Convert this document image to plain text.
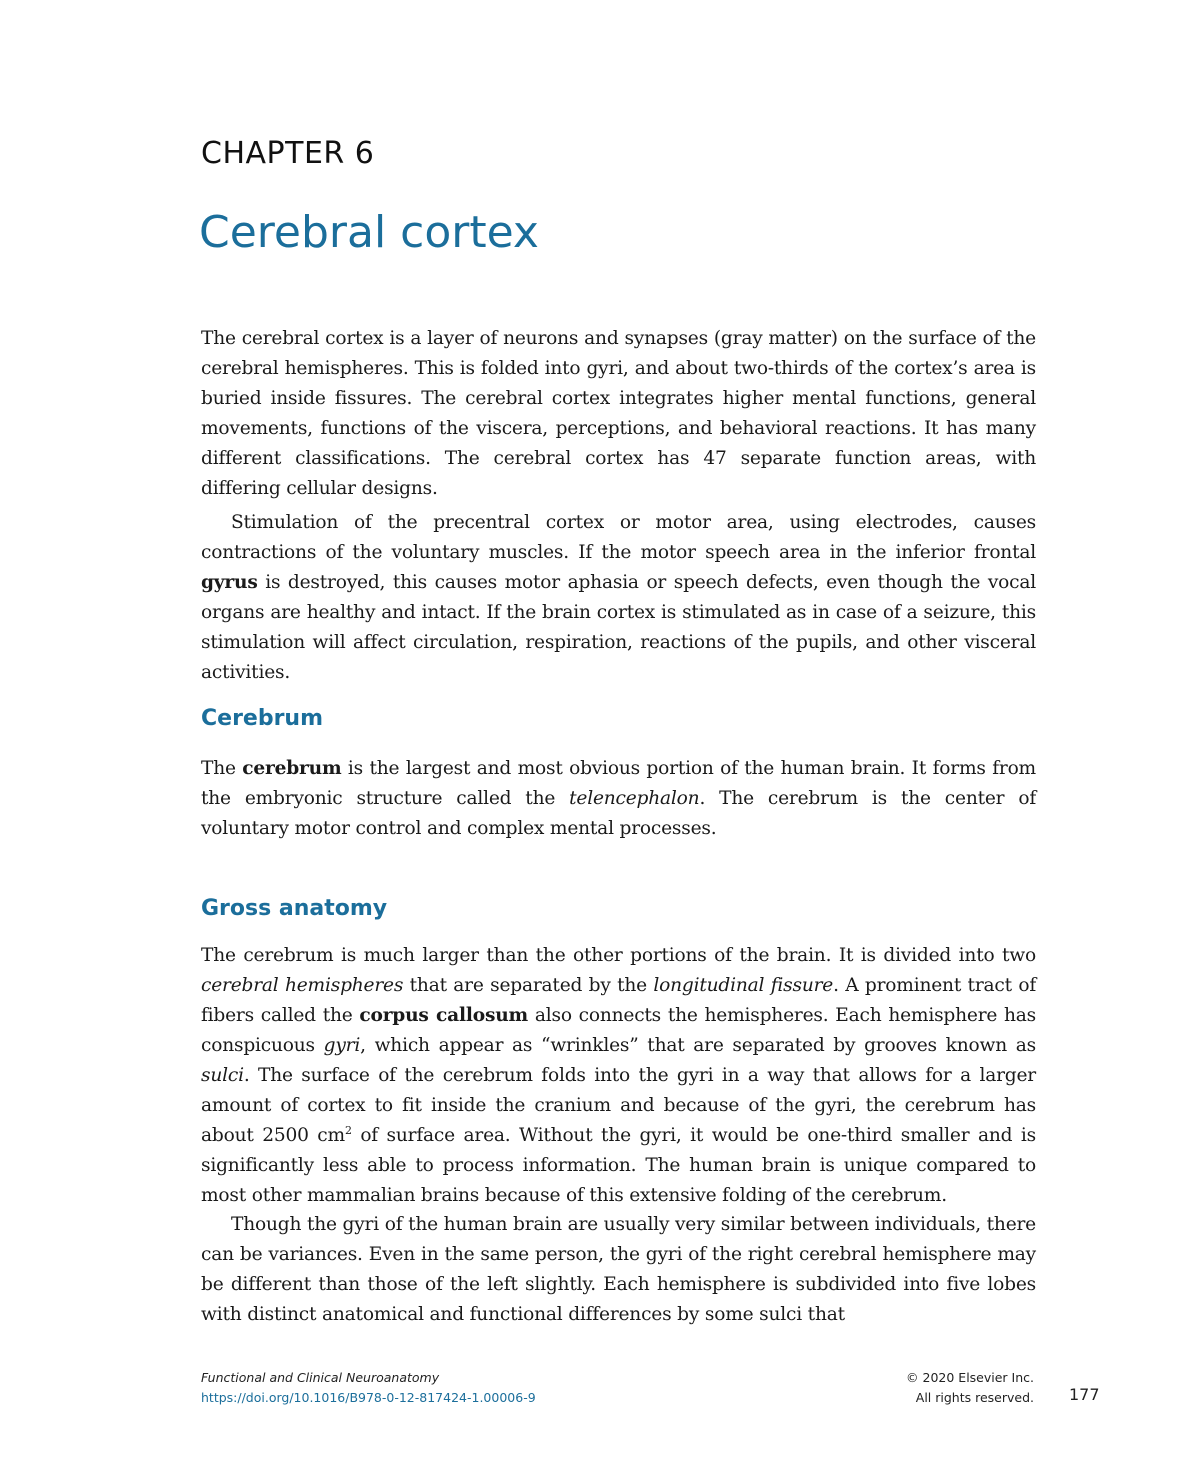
CHAPTER 6
Cerebral cortex

The cerebral cortex is a layer of neurons and synapses (gray matter) on the surface of the cerebral hemispheres. This is folded into gyri, and about two-thirds of the cortex’s area is buried inside fissures. The cerebral cortex integrates higher mental functions, general movements, functions of the viscera, perceptions, and behavioral reactions. It has many different classifications. The cerebral cortex has 47 separate function areas, with differing cellular designs.

Stimulation of the precentral cortex or motor area, using electrodes, causes contractions of the voluntary muscles. If the motor speech area in the inferior frontal gyrus is destroyed, this causes motor aphasia or speech defects, even though the vocal organs are healthy and intact. If the brain cortex is stimulated as in case of a seizure, this stimulation will affect circulation, respiration, reactions of the pupils, and other visceral activities.

Cerebrum

The cerebrum is the largest and most obvious portion of the human brain. It forms from the embryonic structure called the telencephalon. The cerebrum is the center of voluntary motor control and complex mental processes.

Gross anatomy

The cerebrum is much larger than the other portions of the brain. It is divided into two cerebral hemispheres that are separated by the longitudinal fissure. A prominent tract of fibers called the corpus callosum also connects the hemispheres. Each hemisphere has conspicuous gyri, which appear as “wrinkles” that are separated by grooves known as sulci. The surface of the cerebrum folds into the gyri in a way that allows for a larger amount of cortex to fit inside the cranium and because of the gyri, the cerebrum has about 2500 $cm^2$ of surface area. Without the gyri, it would be one-third smaller and is significantly less able to process information. The human brain is unique compared to most other mammalian brains because of this extensive folding of the cerebrum.

Though the gyri of the human brain are usually very similar between individuals, there can be variances. Even in the same person, the gyri of the right cerebral hemisphere may be different than those of the left slightly. Each hemisphere is subdivided into five lobes with distinct anatomical and functional differences by some sulci that

Functional and Clinical Neuroanatomy
https://doi.org/10.1016/B978-0-12-817424-1.00006-9
© 2020 Elsevier Inc.
All rights reserved. 177
